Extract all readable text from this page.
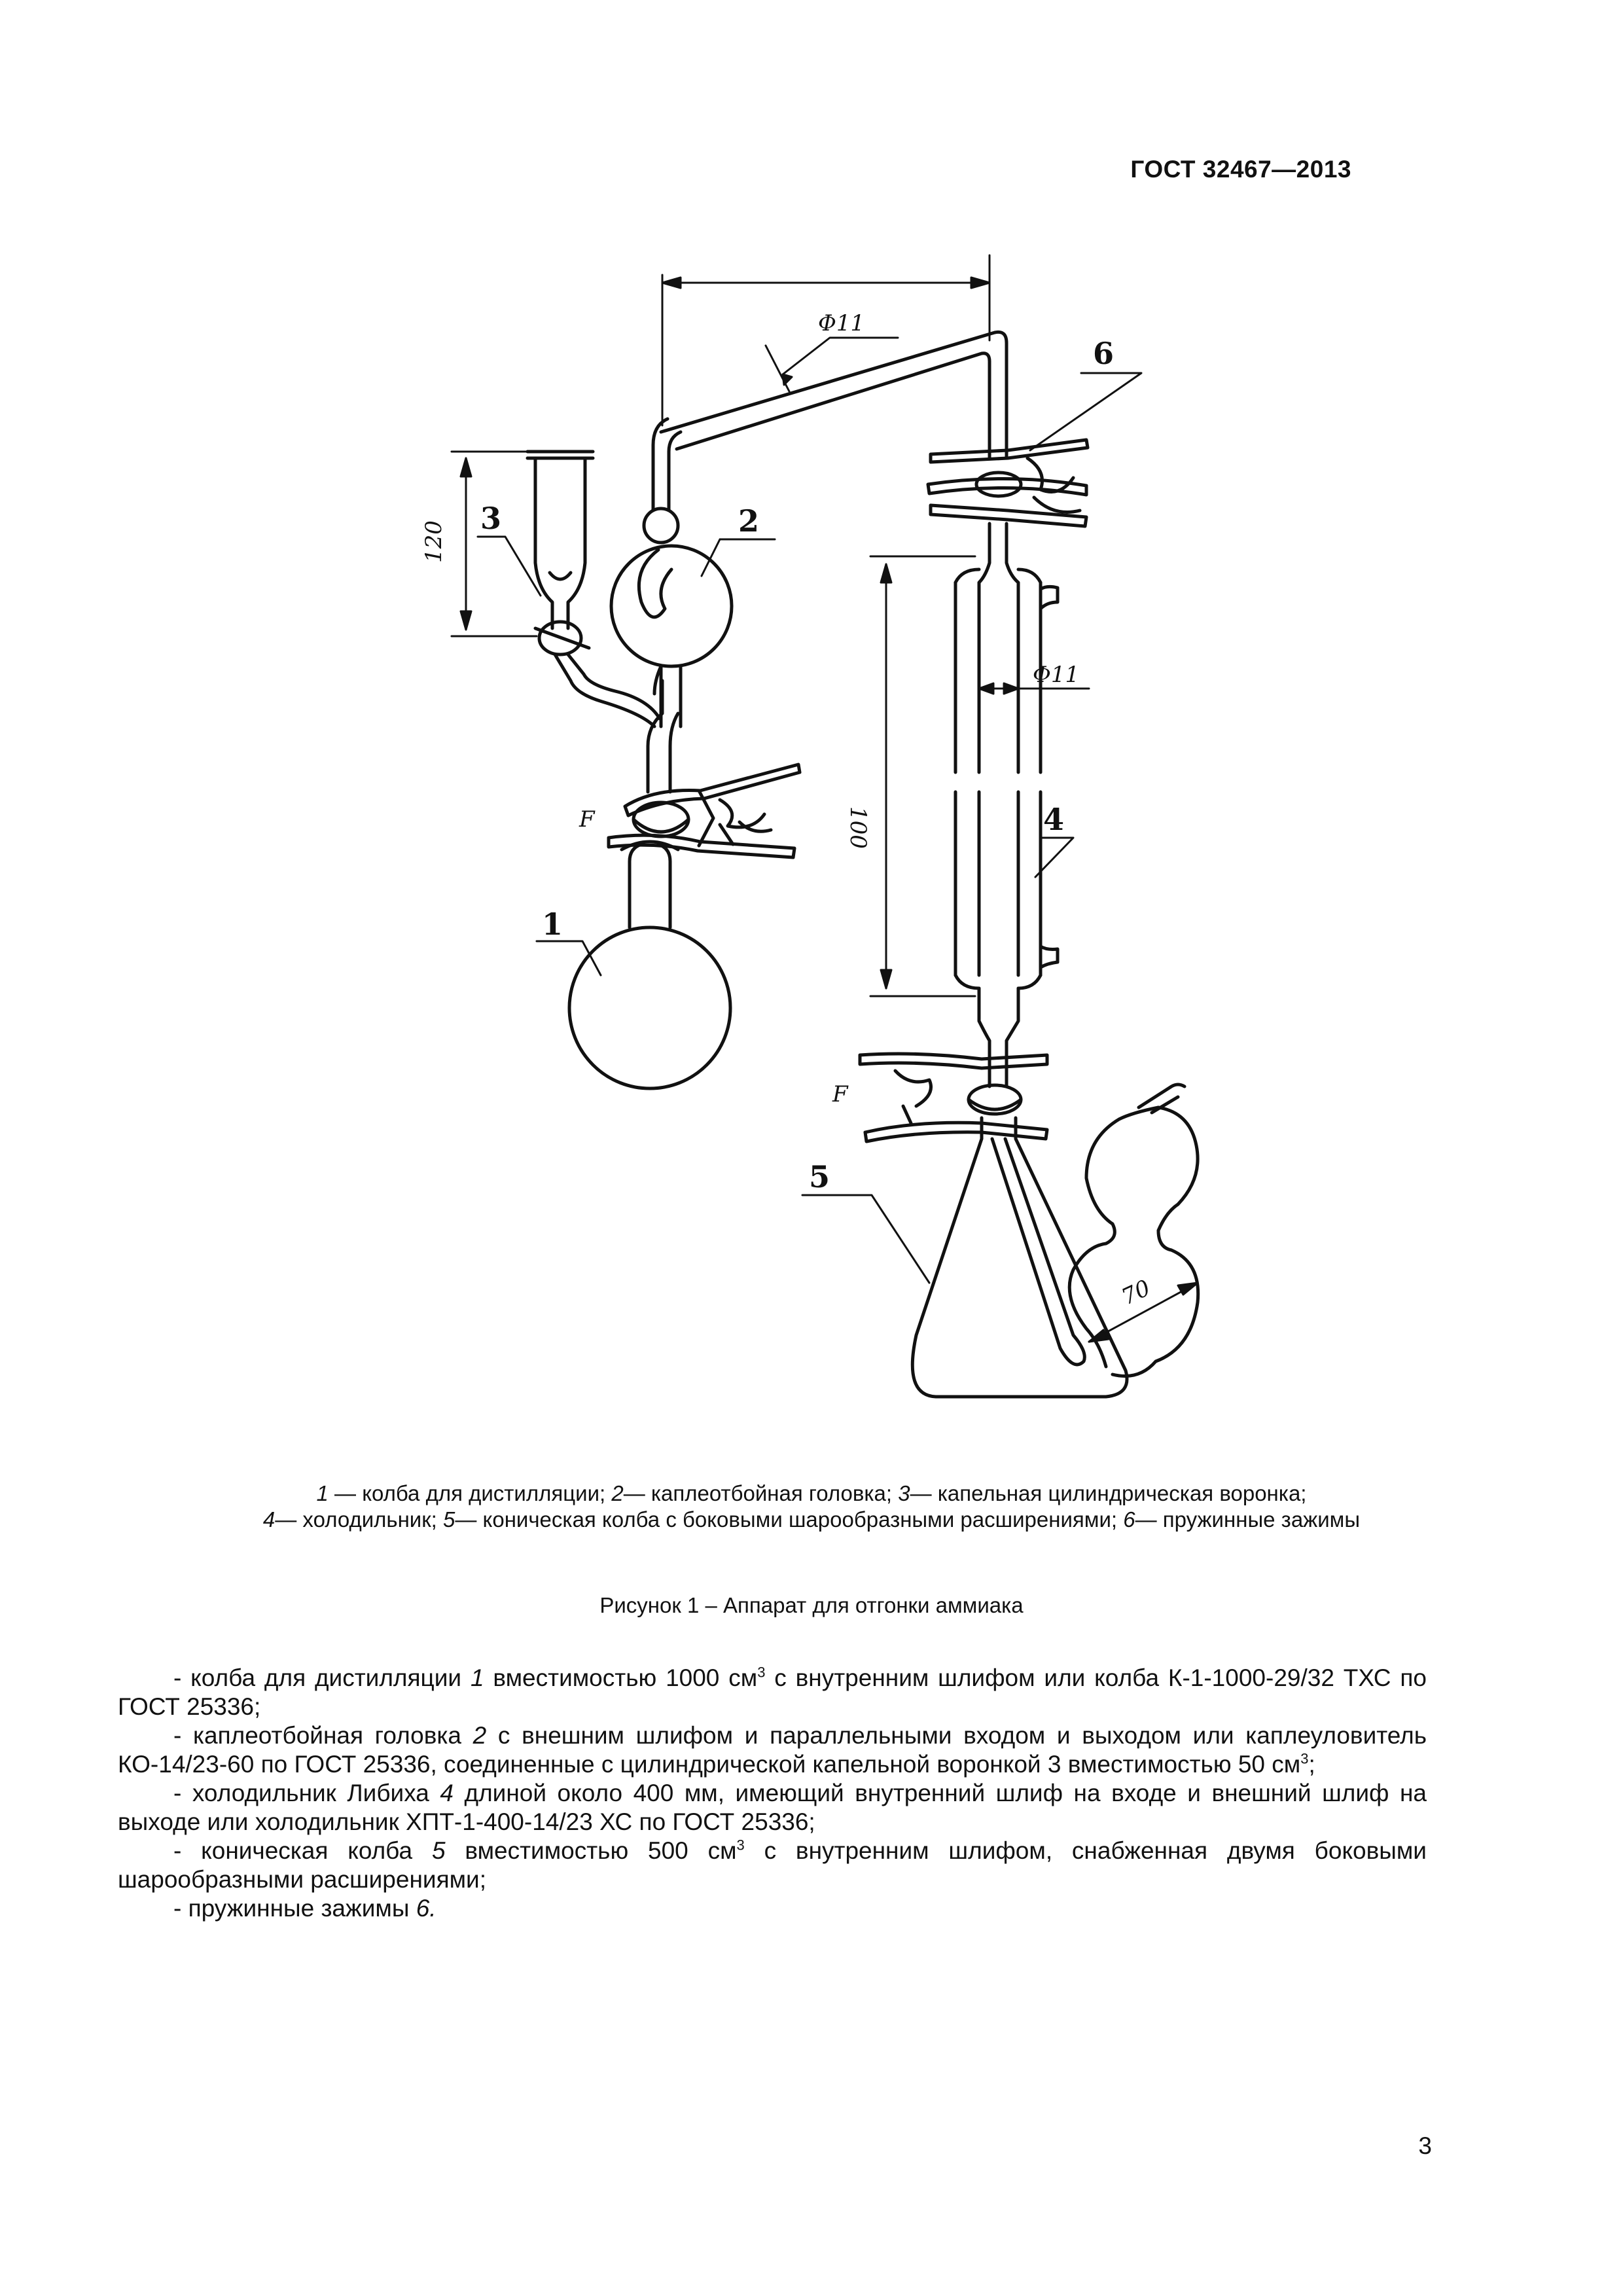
ГОСТ 32467—2013
F
Φ11
Φ11
F
70
120
100
1
2
3
4
5
6
1 — колба для дистилляции; 2— каплеотбойная головка; 3— капельная цилиндрическая воронка;
4— холодильник; 5— коническая колба с боковыми шарообразными расширениями; 6— пружинные зажимы
Рисунок 1 – Аппарат для отгонки аммиака

- колба для дистилляции 1 вместимостью 1000 $см^3$ с внутренним шлифом или колба К-1-1000-29/32 ТХС по ГОСТ 25336;

- каплеотбойная головка 2 с внешним шлифом и параллельными входом и выходом или каплеуловитель КО-14/23-60 по ГОСТ 25336, соединенные с цилиндрической капельной воронкой 3 вместимостью 50 $см^3$;

- холодильник Либиха 4 длиной около 400 мм, имеющий внутренний шлиф на входе и внешний шлиф на выходе или холодильник ХПТ-1-400-14/23 ХС по ГОСТ 25336;

- коническая колба 5 вместимостью 500 $см^3$ с внутренним шлифом, снабженная двумя боковыми шарообразными расширениями;

- пружинные зажимы 6.

3
